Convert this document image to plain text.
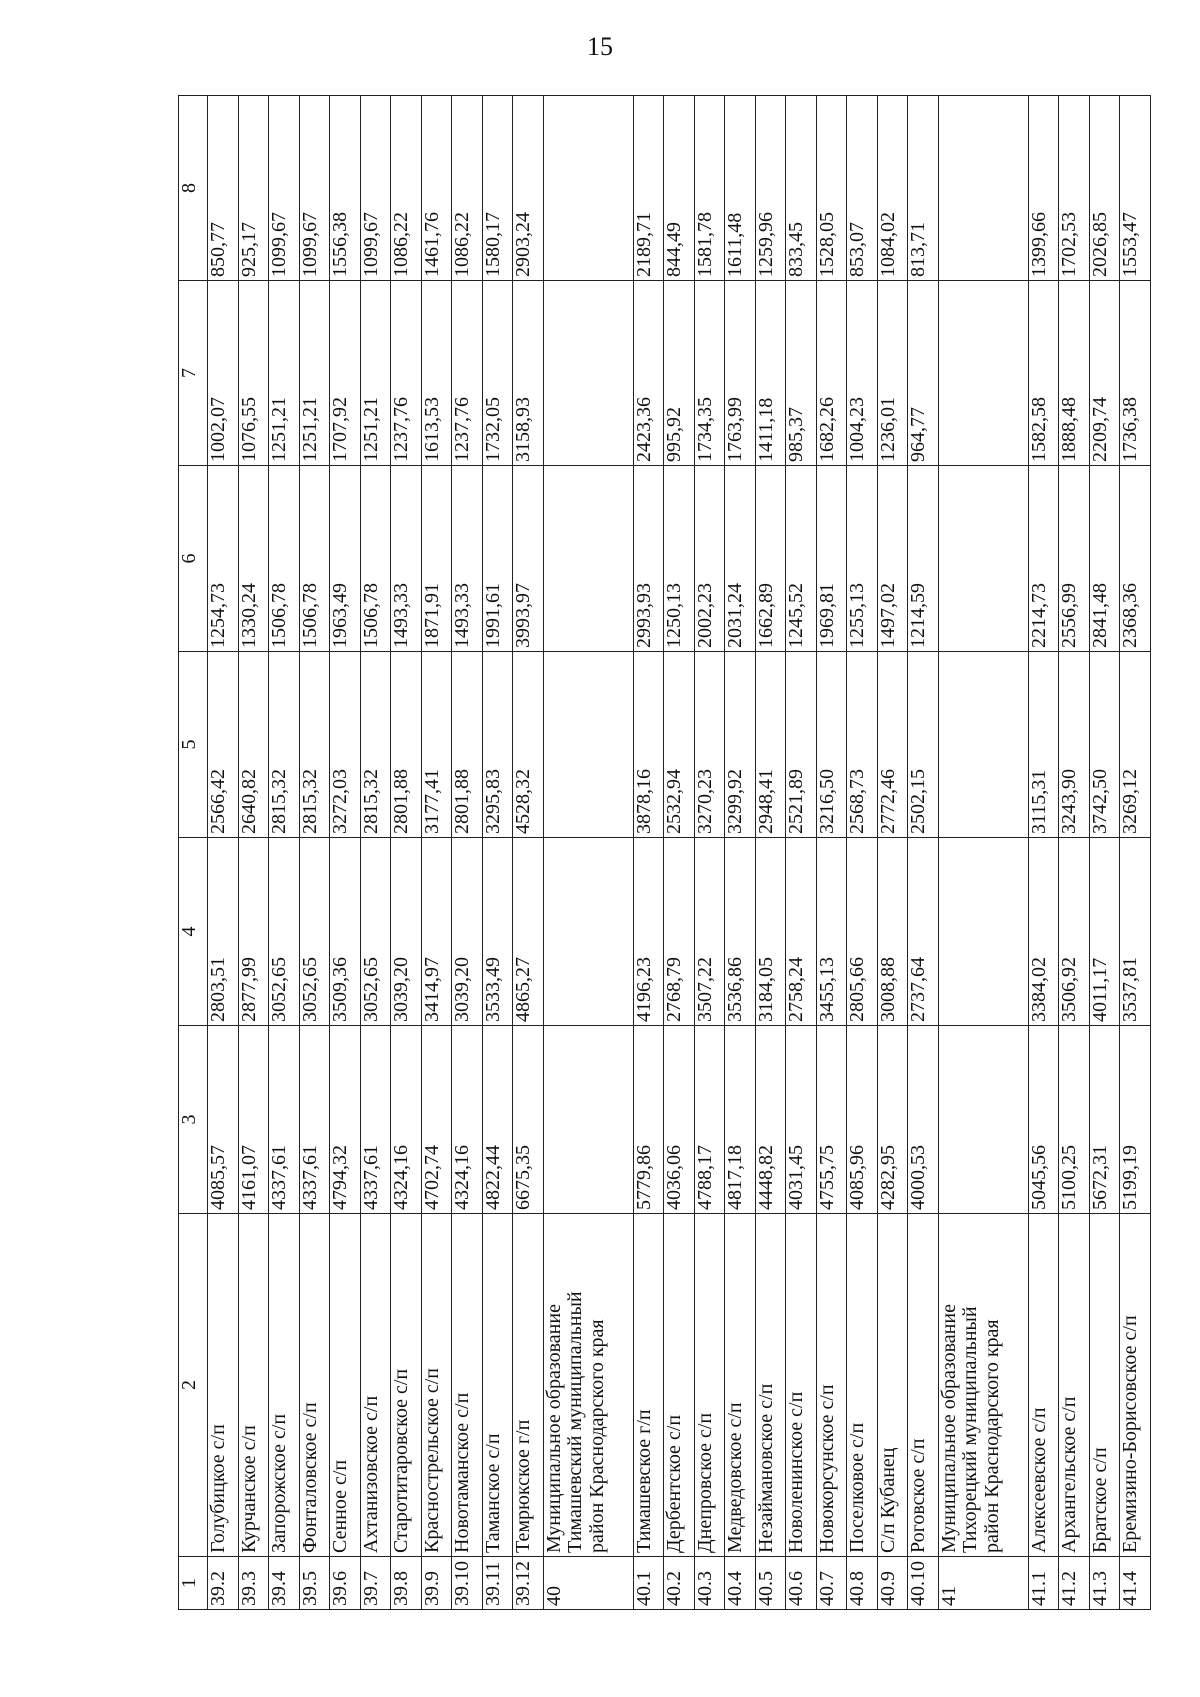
15
1	2	3	4	5	6	7	8
39.2	Голубицкое с/п	4085,57	2803,51	2566,42	1254,73	1002,07	850,77
39.3	Курчанское с/п	4161,07	2877,99	2640,82	1330,24	1076,55	925,17
39.4	Запорожское с/п	4337,61	3052,65	2815,32	1506,78	1251,21	1099,67
39.5	Фонталовское с/п	4337,61	3052,65	2815,32	1506,78	1251,21	1099,67
39.6	Сенное с/п	4794,32	3509,36	3272,03	1963,49	1707,92	1556,38
39.7	Ахтанизовское с/п	4337,61	3052,65	2815,32	1506,78	1251,21	1099,67
39.8	Старотитаровское с/п	4324,16	3039,20	2801,88	1493,33	1237,76	1086,22
39.9	Краснострельское с/п	4702,74	3414,97	3177,41	1871,91	1613,53	1461,76
39.10	Новотаманское с/п	4324,16	3039,20	2801,88	1493,33	1237,76	1086,22
39.11	Таманское с/п	4822,44	3533,49	3295,83	1991,61	1732,05	1580,17
39.12	Темрюкское г/п	6675,35	4865,27	4528,32	3993,97	3158,93	2903,24
40	Муниципальное образование Тимашевский муниципальный район Краснодарского края						

40.1	Тимашевское г/п	5779,86	4196,23	3878,16	2993,93	2423,36	2189,71
40.2	Дербентское с/п	4036,06	2768,79	2532,94	1250,13	995,92	844,49
40.3	Днепровское с/п	4788,17	3507,22	3270,23	2002,23	1734,35	1581,78
40.4	Медведовское с/п	4817,18	3536,86	3299,92	2031,24	1763,99	1611,48
40.5	Незаймановское с/п	4448,82	3184,05	2948,41	1662,89	1411,18	1259,96
40.6	Новоленинское с/п	4031,45	2758,24	2521,89	1245,52	985,37	833,45
40.7	Новокорсунское с/п	4755,75	3455,13	3216,50	1969,81	1682,26	1528,05
40.8	Поселковое с/п	4085,96	2805,66	2568,73	1255,13	1004,23	853,07
40.9	С/п Кубанец	4282,95	3008,88	2772,46	1497,02	1236,01	1084,02
40.10	Роговское с/п	4000,53	2737,64	2502,15	1214,59	964,77	813,71
41	Муниципальное образование Тихорецкий муниципальный район Краснодарского края						

41.1	Алексеевское с/п	5045,56	3384,02	3115,31	2214,73	1582,58	1399,66
41.2	Архангельское с/п	5100,25	3506,92	3243,90	2556,99	1888,48	1702,53
41.3	Братское с/п	5672,31	4011,17	3742,50	2841,48	2209,74	2026,85
41.4	Еремизино-Борисовское с/п	5199,19	3537,81	3269,12	2368,36	1736,38	1553,47
